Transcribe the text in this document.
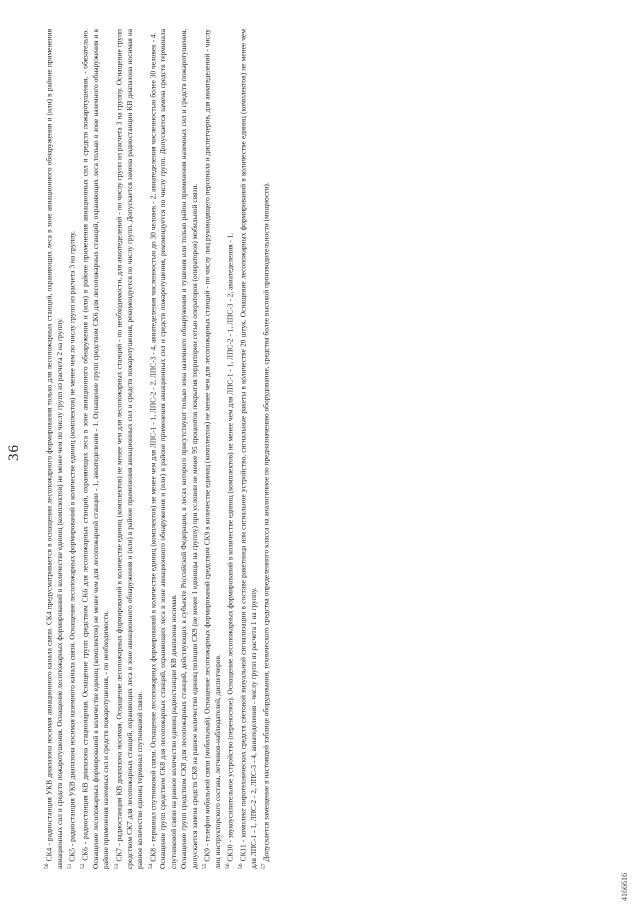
36

$^{50}$ СК4 - радиостанция УКВ диапазона носимая авиационного канала связи. СК4 предусматривается в оснащении лесопожарного формирования только для лесопожарных станций, охраняющих леса в зоне авиационного обнаружения и (или) в районе применения авиационных сил и средств пожаротушения. Оснащение лесопожарных формирований в количестве единиц (комплектов) не менее чем по числу групп из расчета 2 на группу. $^{51}$ СК5 - радиостанция УКВ диапазона носимая наземного канала связи. Оснащение лесопожарных формирований в количестве единиц (комплектов) не менее чем по числу групп из расчета 3 на группу.

$^{52}$ СК6 - радиостанция КВ диапазона стационарная. Оснащение групп средством СК6 для лесопожарных станций, охраняющих леса в зоне авиационного обнаружения и (или) в районе применения авиационных сил и средств пожаротушения, - обязательно. Оснащение лесопожарных формирований в количестве единиц (комплектов) не менее чем для лесопожарной станции - 1, авиатеделения - 1. Оснащение групп средством СК6 для лесопожарных станций, охраняющих леса только в зоне наземного обнаружения и в районе применения наземных сил и средств пожаротушения, - по необходимости. $^{53}$ СК7 - радиостанция КВ диапазона носимая. Оснащение лесопожарных формирований в количестве единиц (комплектов) не менее чем для лесопожарных станций - по необходимости, для авиатеделений - по числу групп из расчета 3 на группу. Оснащение групп средством СК7 для лесопожарных станций, охраняющих леса в зоне авиационного обнаружения и (или) в районе применения авиационных сил и средств пожаротушения, рекомендуется по числу групп. Допускается замена радиостанции КВ диапазона носимая на равное количество единиц терминал спутниковой связи. $^{54}$ СК8 - терминал спутниковой связи. Оснащение лесопожарных формирований в количестве единиц (комплектов) не менее чем для ЛПС-1 - 1, ЛПС-2 - 2, ЛПС-3 - 4, авиатеделения численностью до 30 человек - 2, авиатеделения численностью более 30 человек - 4. Оснащение групп средством СК8 для лесопожарных станций, охраняющих леса в зоне авиационного обнаружения и (или) в районе применения авиационных сил и средств пожаротушения, рекомендуется по числу групп. Допускается замена средств терминала спутниковой связи на равное количество единиц радиостанции КВ диапазона носимая. Оснащение групп средством СК8 для лесопожарных станций, действующих в субъекте Российской Федерации, в лесах которого присутствуют только зона наземного обнаружения и тушения или только район применения наземных сил и средств пожаротушения, допускается замена средств СК8 на равное количество единиц позиции СК9 (не менее 1 единицы на группу) при условии не менее 95 процентов покрытия территории сетью операторов (операторов) мобильной связи. $^{55}$ СК9 - телефон мобильной связи (мобильный). Оснащение лесопожарных формирований средством СК9 в количестве единиц (комплектов) не менее чем для лесопожарных станций - по числу лиц руководящего персонала и диспетчеров, для авиатеделений - числу лиц инструкторского состава, летчиков-наблюдателей, диспетчеров. $^{56}$ СК10 - звукоусилительное устройство (переносное). Оснащение лесопожарных формирований в количестве единиц (комплектов) не менее чем для ЛПС-1 - 1, ЛПС-2 - 1, ЛПС-3 - 2, авиатеделения - 1.

$^{56}$ СК11 - комплект пиротехнических средств световой визуальной сигнализации в составе ракетница или сигнальное устройство, сигнальные ракеты в количестве 20 штук. Оснащение лесопожарных формирований в количестве единиц (комплектов) не менее чем для ЛПС-1 - 1, ЛПС-2 - 2, ЛПС-3 - 4, авиатеделения - числу групп из расчета 1 на группу. $^{57}$ Допускается замещение в настоящей таблице оборудования, технического средства определенного класса на аналогичное по предназначению оборудование, средства более высокой производительности (мощности).

4166616
